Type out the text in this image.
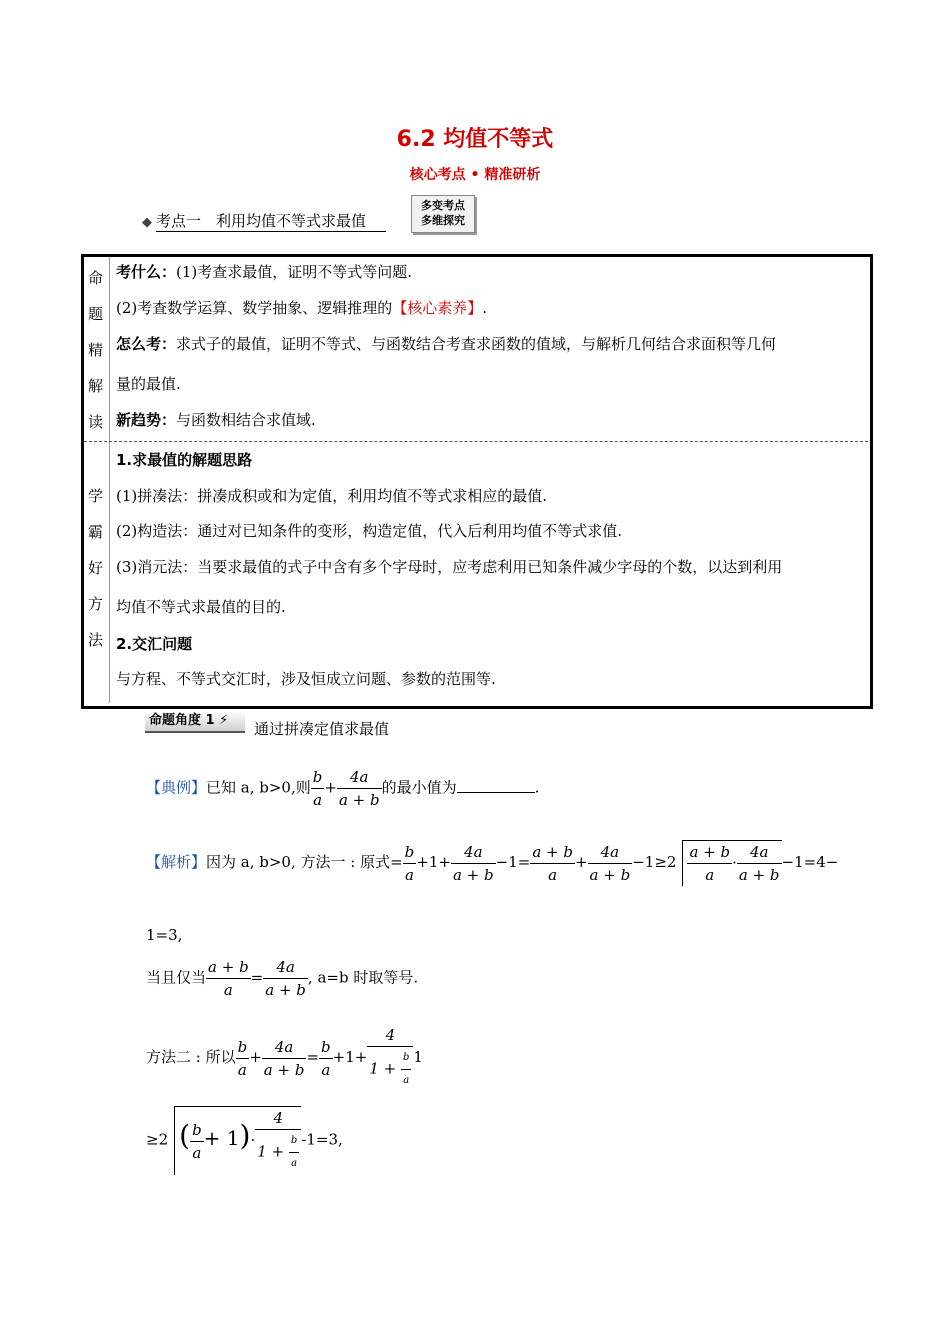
6.2 均值不等式
核心考点 • 精准研析
◆ 考点一　利用均值不等式求最值
多变考点
多维探究
命
题
精
解
读
学
霸
好
方
法
考什么：(1)考查求最值，证明不等式等问题.
(2)考查数学运算、数学抽象、逻辑推理的【核心素养】.
怎么考：求式子的最值，证明不等式、与函数结合考查求函数的值域，与解析几何结合求面积等几何
量的最值.
新趋势：与函数相结合求值域.
1.求最值的解题思路
(1)拼凑法：拼凑成积或和为定值，利用均值不等式求相应的最值.
(2)构造法：通过对已知条件的变形，构造定值，代入后利用均值不等式求值.
(3)消元法：当要求最值的式子中含有多个字母时，应考虑利用已知条件减少字母的个数，以达到利用
均值不等式求最值的目的.
2.交汇问题
与方程、不等式交汇时，涉及恒成立问题、参数的范围等.
命题角度 1 ⚡	通过拼凑定值求最值
【典例】已知 a, b>0,则 $\frac{b}{a} + \frac{4a}{a + b}$ 的最小值为	.
【解析】因为 a, b>0, 方法一 : 原式= $\frac{b}{a} +1+ \frac{4a}{a + b} -1= \frac{a + b}{a} + \frac{4a}{a + b} -1\ge 2 \frac{a + b}{a} \cdot \frac{4a}{a + b} -1=4-$
1=3,
当且仅当 $\frac{a + b}{a} = \frac{4a}{a + b}$ , a=b 时取等号.
方法二 : 所以 $\frac{b}{a} + \frac{4a}{a + b} = \frac{b}{a} +1+ \frac{4}{1 + \frac{b}{a}} 1$
≥2 ( $\frac{b}{a} + 1)\cdot \frac{4}{1 + \frac{b}{a}} -1=3$,
